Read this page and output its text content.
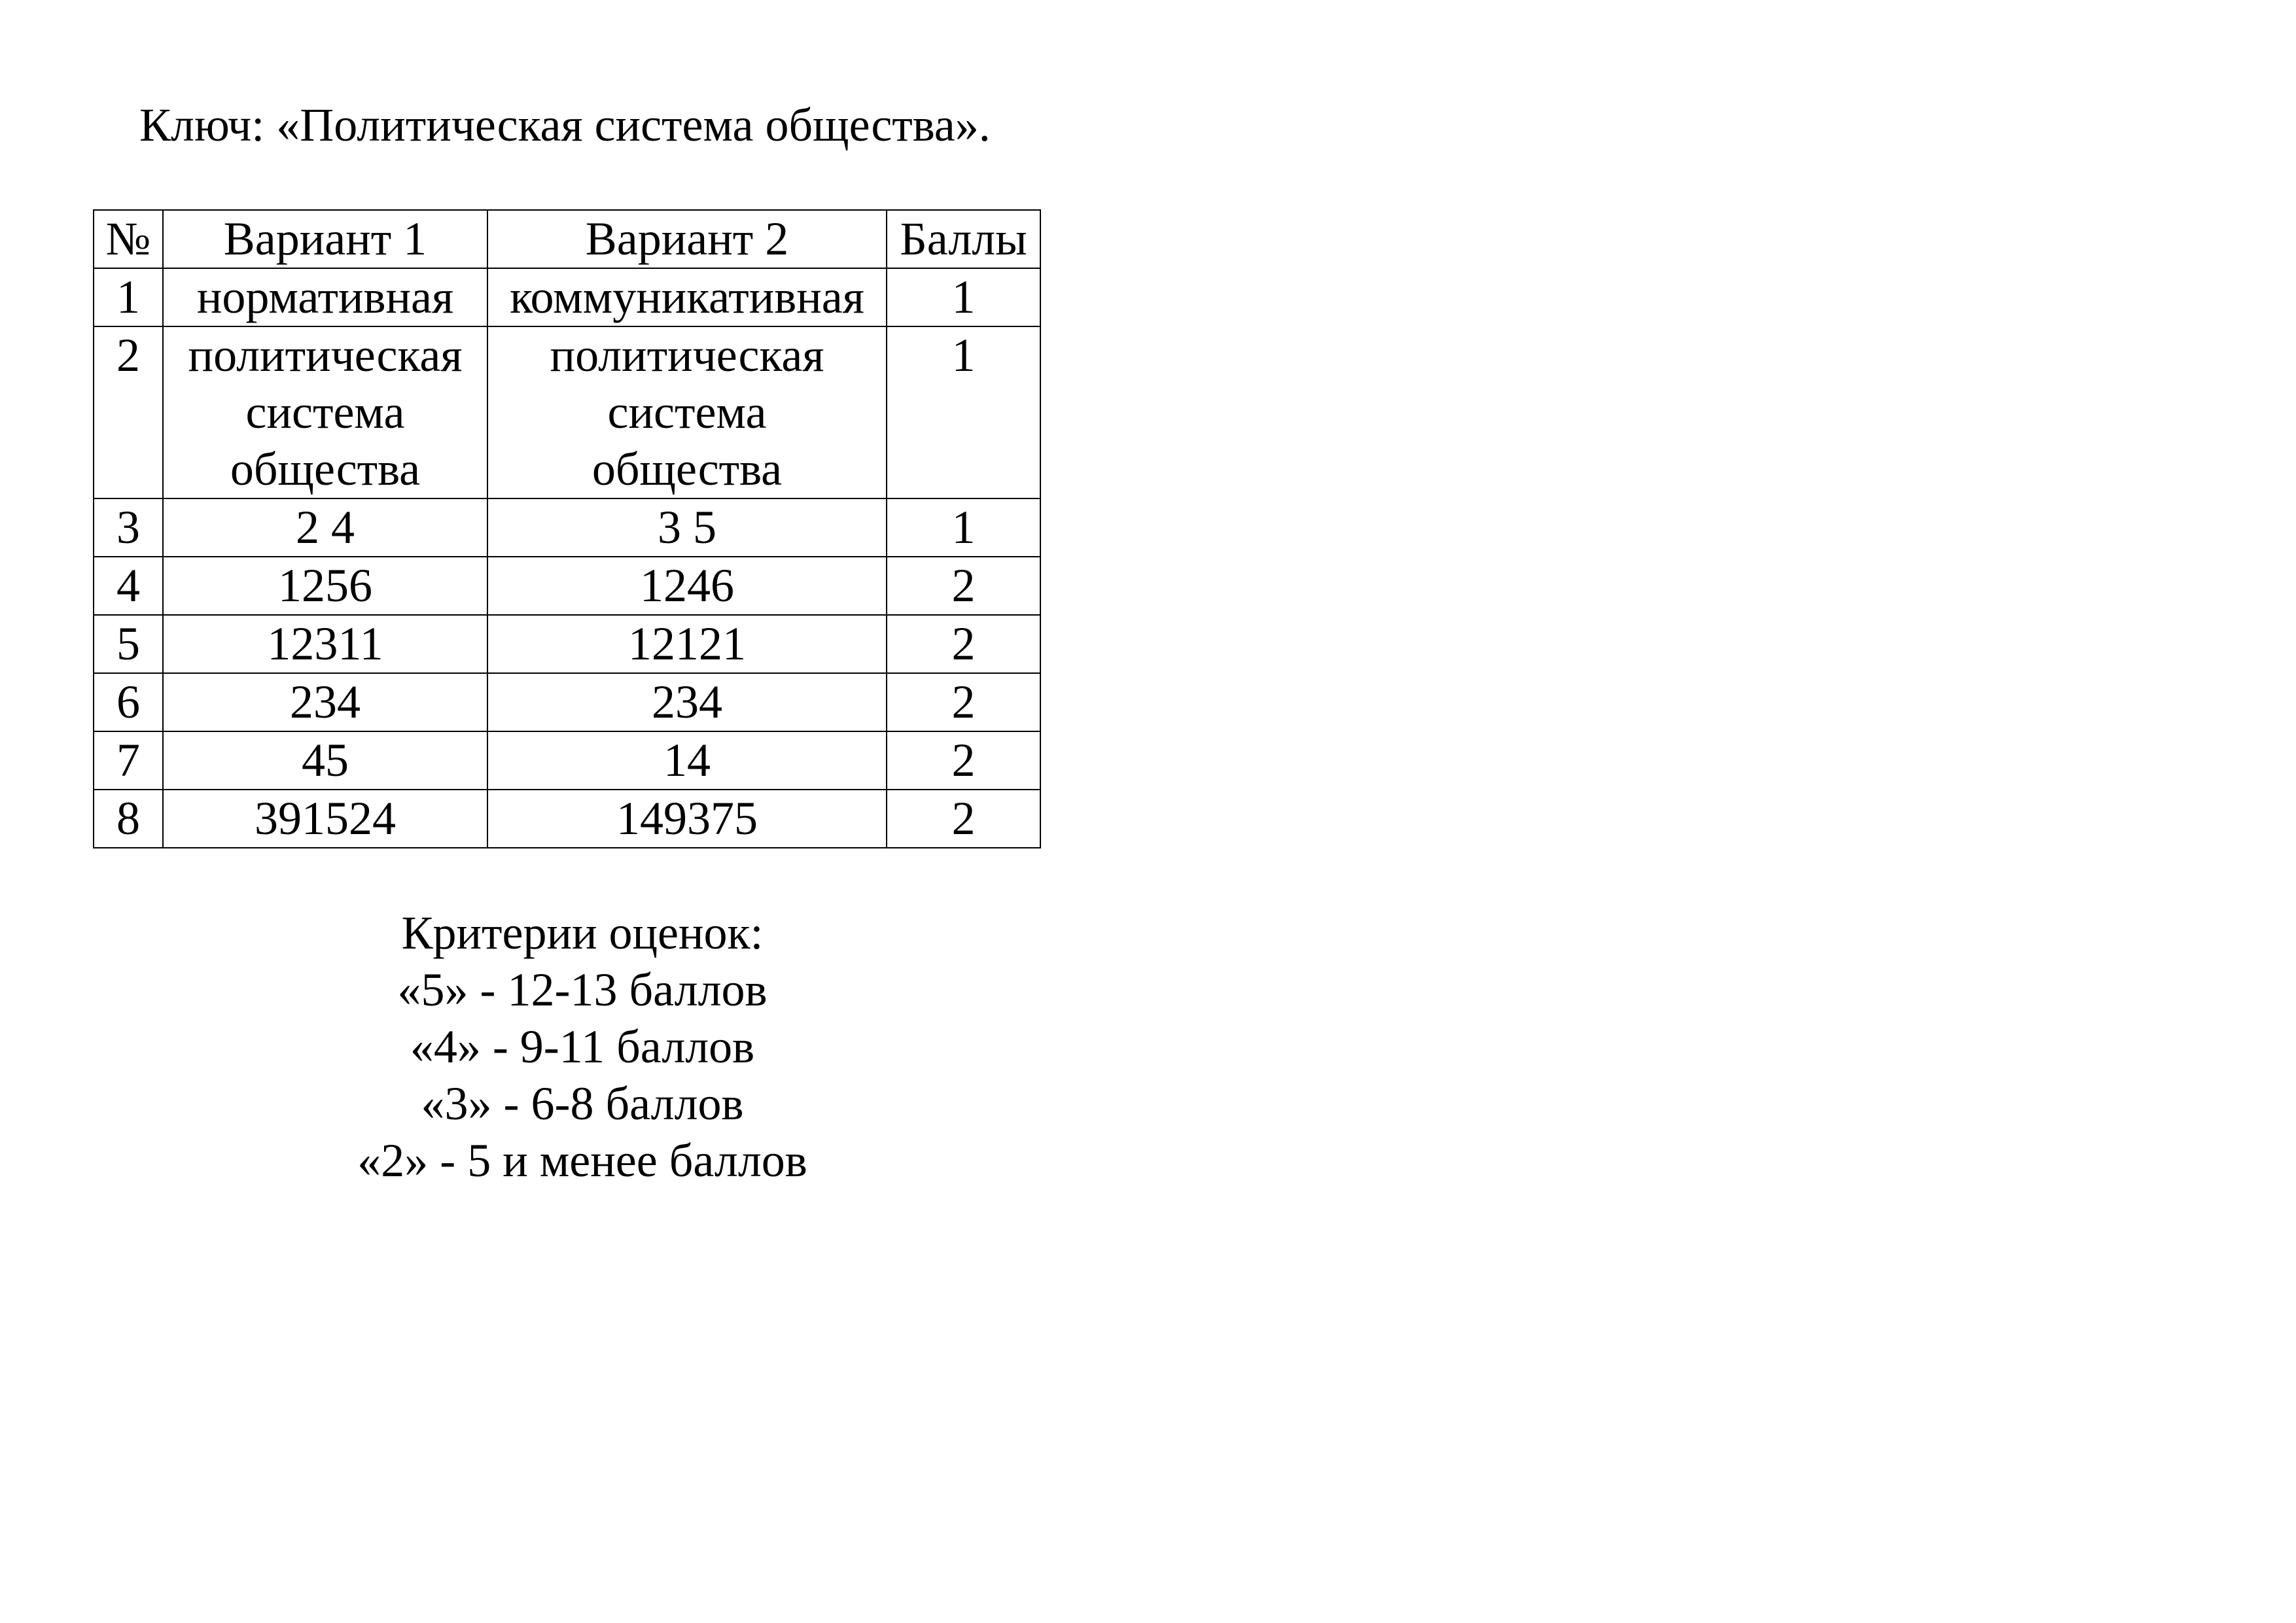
Ключ: «Политическая система общества».
№	Вариант 1	Вариант 2	Баллы
1	нормативная	коммуникативная	1
2	политическая
система
общества	политическая
система
общества	1
3	2 4	3 5	1
4	1256	1246	2
5	12311	12121	2
6	234	234	2
7	45	14	2
8	391524	149375	2
Критерии оценок:
«5» - 12-13 баллов
«4» - 9-11 баллов
«3» - 6-8 баллов
«2» - 5 и менее баллов
